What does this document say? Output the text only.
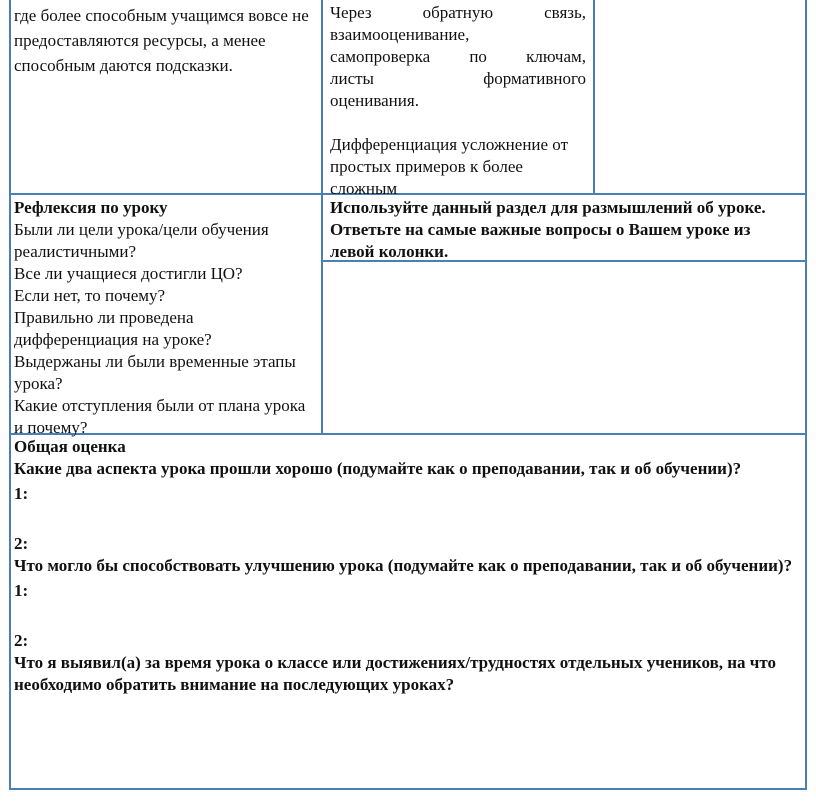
где более способным учащимся вовсе не предоставляются ресурсы, а менее способным даются подсказки.

Через обратную связь,

взаимооценивание,

самопроверка по ключам,

листы формативного

оценивания.

Дифференциация усложнение от простых примеров к более сложным

Рефлексия по уроку

Были ли цели урока/цели обучения реалистичными?

Все ли учащиеся достигли ЦО?

Если нет, то почему?

Правильно ли проведена дифференциация на уроке?

Выдержаны ли были временные этапы урока?

Какие отступления были от плана урока и почему?

Используйте данный раздел для размышлений об уроке. Ответьте на самые важные вопросы о Вашем уроке из левой колонки.

Общая оценка

Какие два аспекта урока прошли хорошо (подумайте как о преподавании, так и об обучении)?

1:

2:

Что могло бы способствовать улучшению урока (подумайте как о преподавании, так и об обучении)?

1:

2:

Что я выявил(а) за время урока о классе или достижениях/трудностях отдельных учеников, на что необходимо обратить внимание на последующих уроках?
